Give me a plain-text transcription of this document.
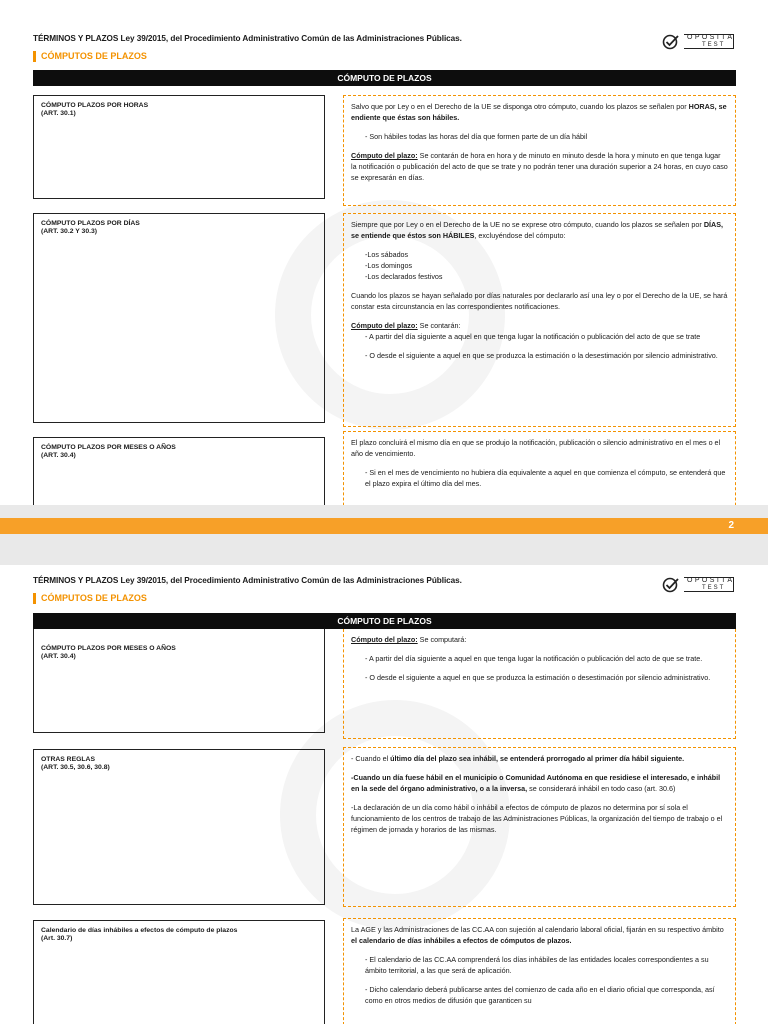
TÉRMINOS Y PLAZOS Ley 39/2015, del Procedimiento Administrativo Común de las Administraciones Públicas.
CÓMPUTOS DE PLAZOS
OPOSITA
TEST
CÓMPUTO DE PLAZOS
CÓMPUTO PLAZOS POR HORAS
(ART. 30.1)

Salvo que por Ley o en el Derecho de la UE se disponga otro cómputo, cuando los plazos se señalen por HORAS, se endiente que éstas son hábiles.

- Son hábiles todas las horas del día que formen parte de un día hábil

Cómputo del plazo: Se contarán de hora en hora y de minuto en minuto desde la hora y minuto en que tenga lugar la notificación o publicación del acto de que se trate y no podrán tener una duración superior a 24 horas, en cuyo caso se expresarán en días.

CÓMPUTO PLAZOS POR DÍAS
(ART. 30.2 Y 30.3)

Siempre que por Ley o en el Derecho de la UE no se exprese otro cómputo, cuando los plazos se señalen por DÍAS, se entiende que éstos son HÁBILES, excluyéndose del cómputo:

-Los sábados
-Los domingos
-Los declarados festivos

Cuando los plazos se hayan señalado por días naturales por declararlo así una ley o por el Derecho de la UE, se hará constar esta circunstancia en las correspondientes notificaciones.

Cómputo del plazo: Se contarán:

- A partir del día siguiente a aquel en que tenga lugar la notificación o publicación del acto de que se trate

- O desde el siguiente a aquel en que se produzca la estimación o la desestimación por silencio administrativo.

CÓMPUTO PLAZOS POR MESES O AÑOS
(ART. 30.4)

El plazo concluirá el mismo día en que se produjo la notificación, publicación o silencio administrativo en el mes o el año de vencimiento.

- Si en el mes de vencimiento no hubiera día equivalente a aquel en que comienza el cómputo, se entenderá que el plazo expira el último día del mes.

2
TÉRMINOS Y PLAZOS Ley 39/2015, del Procedimiento Administrativo Común de las Administraciones Públicas.
CÓMPUTOS DE PLAZOS
OPOSITA
TEST
CÓMPUTO DE PLAZOS
CÓMPUTO PLAZOS POR MESES O AÑOS
(ART. 30.4)

Cómputo del plazo: Se computará:

- A partir del día siguiente a aquel en que tenga lugar la notificación o publicación del acto de que se trate.

- O desde el siguiente a aquel en que se produzca la estimación o desestimación por silencio administrativo.

OTRAS REGLAS
(ART. 30.5, 30.6, 30.8)

- Cuando el último día del plazo sea inhábil, se entenderá prorrogado al primer día hábil siguiente.

-Cuando un día fuese hábil en el municipio o Comunidad Autónoma en que residiese el interesado, e inhábil en la sede del órgano administrativo, o a la inversa, se considerará inhábil en todo caso (art. 30.6)

-La declaración de un día como hábil o inhábil a efectos de cómputo de plazos no determina por sí sola el funcionamiento de los centros de trabajo de las Administraciones Públicas, la organización del tiempo de trabajo o el régimen de jornada y horarios de las mismas.

Calendario de días inhábiles a efectos de cómputo de plazos
(Art. 30.7)

La AGE y las Administraciones de las CC.AA con sujeción al calendario laboral oficial, fijarán en su respectivo ámbito el calendario de días inhábiles a efectos de cómputos de plazos.

- El calendario de las CC.AA comprenderá los días inhábiles de las entidades locales correspondientes a su ámbito territorial, a las que será de aplicación.

- Dicho calendario deberá publicarse antes del comienzo de cada año en el diario oficial que corresponda, así como en otros medios de difusión que garanticen su
